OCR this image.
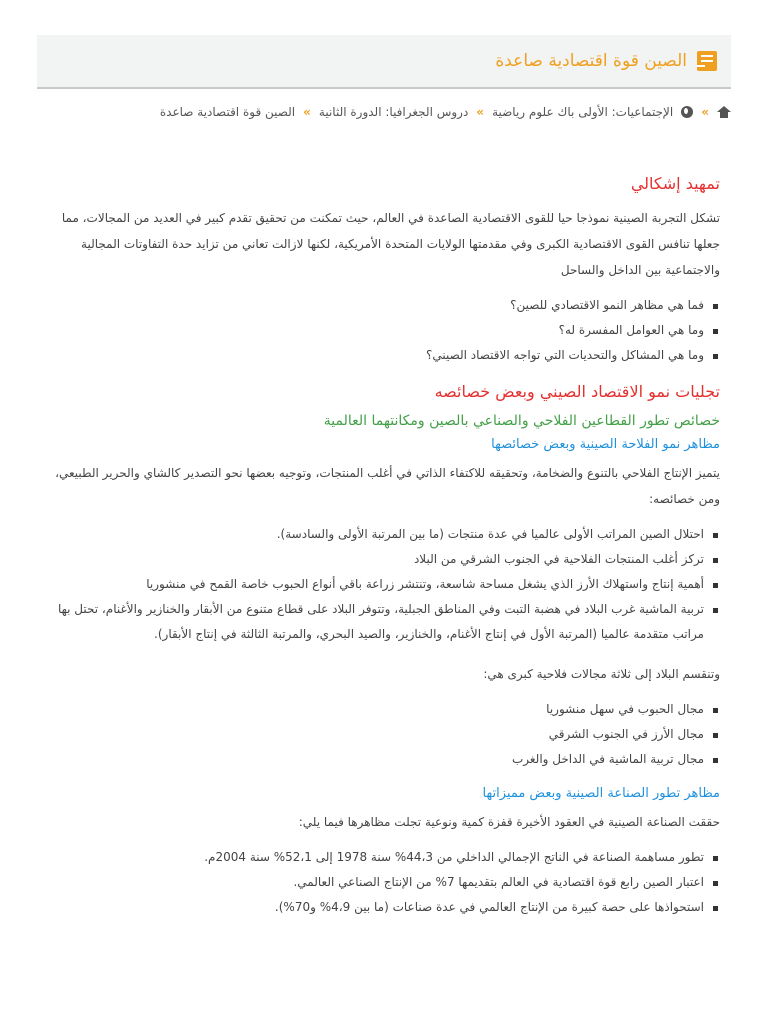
الصين قوة اقتصادية صاعدة
»
الإجتماعيات: الأولى باك علوم رياضية
»
دروس الجغرافيا: الدورة الثانية
»
الصين قوة اقتصادية صاعدة
تمهيد إشكالي

تشكل التجربة الصينية نموذجا حيا للقوى الاقتصادية الصاعدة في العالم، حيث تمكنت من تحقيق تقدم كبير في العديد من المجالات، مما جعلها تنافس القوى الاقتصادية الكبرى وفي مقدمتها الولايات المتحدة الأمريكية، لكنها لازالت تعاني من تزايد حدة التفاوتات المجالية والاجتماعية بين الداخل والساحل

فما هي مظاهر النمو الاقتصادي للصين؟
وما هي العوامل المفسرة له؟
وما هي المشاكل والتحديات التي تواجه الاقتصاد الصيني؟
تجليات نمو الاقتصاد الصيني وبعض خصائصه
خصائص تطور القطاعين الفلاحي والصناعي بالصين ومكانتهما العالمية
مظاهر نمو الفلاحة الصينية وبعض خصائصها

يتميز الإنتاج الفلاحي بالتنوع والضخامة، وتحقيقه للاكتفاء الذاتي في أغلب المنتجات، وتوجيه بعضها نحو التصدير كالشاي والحرير الطبيعي، ومن خصائصه:

احتلال الصين المراتب الأولى عالميا في عدة منتجات (ما بين المرتبة الأولى والسادسة).
تركز أغلب المنتجات الفلاحية في الجنوب الشرقي من البلاد
أهمية إنتاج واستهلاك الأرز الذي يشغل مساحة شاسعة، وتنتشر زراعة باقي أنواع الحبوب خاصة القمح في منشوريا
تربية الماشية غرب البلاد في هضبة التبت وفي المناطق الجبلية، وتتوفر البلاد على قطاع متنوع من الأبقار والخنازير والأغنام، تحتل بها مراتب متقدمة عالميا (المرتبة الأول في إنتاج الأغنام، والخنازير، والصيد البحري، والمرتبة الثالثة في إنتاج الأبقار).

وتنقسم البلاد إلى ثلاثة مجالات فلاحية كبرى هي:

مجال الحبوب في سهل منشوريا
مجال الأرز في الجنوب الشرقي
مجال تربية الماشية في الداخل والغرب
مظاهر تطور الصناعة الصينية وبعض مميزاتها

حققت الصناعة الصينية في العقود الأخيرة قفزة كمية ونوعية تجلت مظاهرها فيما يلي:

تطور مساهمة الصناعة في الناتج الإجمالي الداخلي من 44،3% سنة 1978 إلى 52،1% سنة 2004م.
اعتبار الصين رابع قوة اقتصادية في العالم بتقديمها 7% من الإنتاج الصناعي العالمي.
استحواذها على حصة كبيرة من الإنتاج العالمي في عدة صناعات (ما بين 4،9% و70%).
